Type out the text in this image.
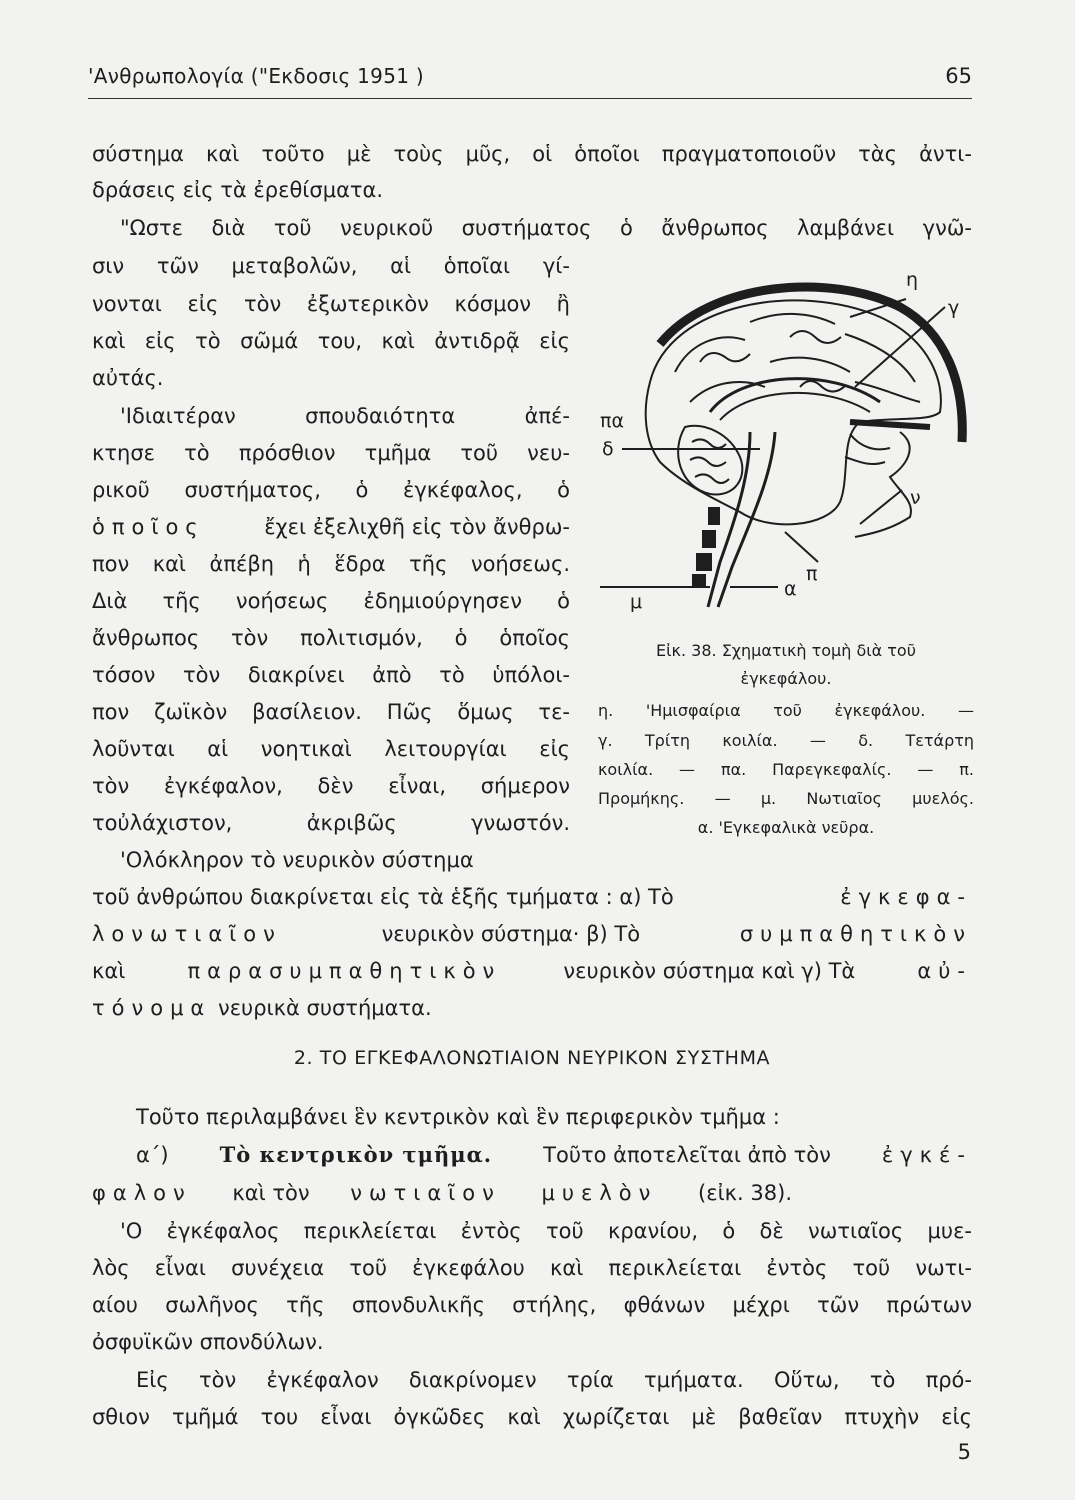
'Ανθρωπολογία ("Εκδοσις 1951 )	65
σύστημα καὶ τοῦτο μὲ τοὺς μῦς, οἱ ὁποῖοι πραγματοποιοῦν τὰς ἀντι-
δράσεις εἰς τὰ ἐρεθίσματα.
"Ωστε διὰ τοῦ νευρικοῦ συστήματος ὁ ἄνθρωπος λαμβάνει γνῶ-
σιν τῶν μεταβολῶν, αἱ ὁποῖαι γί-
νονται εἰς τὸν ἐξωτερικὸν κόσμον ἢ
καὶ εἰς τὸ σῶμά του, καὶ ἀντιδρᾷ εἰς
αὐτάς.
'Ιδιαιτέραν σπουδαιότητα ἀπέ-
κτησε τὸ πρόσθιον τμῆμα τοῦ νευ-
ρικοῦ συστήματος, ὁ ἐγκέφαλος, ὁ
ὁποῖος	ἔχει ἐξελιχθῆ εἰς τὸν ἄνθρω-
πον καὶ ἀπέβη ἡ ἕδρα τῆς νοήσεως.
Διὰ τῆς νοήσεως ἐδημιούργησεν ὁ
ἄνθρωπος τὸν πολιτισμόν, ὁ ὁποῖος
τόσον τὸν διακρίνει ἀπὸ τὸ ὑπόλοι-
πον ζωϊκὸν βασίλειον. Πῶς ὅμως τε-
λοῦνται αἱ νοητικαὶ λειτουργίαι εἰς
τὸν ἐγκέφαλον, δὲν εἶναι, σήμερον
τοὐλάχιστον, ἀκριβῶς γνωστόν.
'Ολόκληρον τὸ νευρικὸν σύστημα
τοῦ ἀνθρώπου διακρίνεται εἰς τὰ ἑξῆς τμήματα : α) Τὸ	ἐγκεφα-
λονωτιαῖον	νευρικὸν σύστημα· β) Τὸ	συμπαθητικὸν
καὶ	παρασυμπαθητικὸν	νευρικὸν σύστημα καὶ γ) Τὰ	αὐ-
τόνομα νευρικὰ συστήματα.
η
γ
πα
δ
ν
π
μ
α
Εἰκ. 38. Σχηματικὴ τομὴ διὰ τοῦ
ἐγκεφάλου.
η. 'Ημισφαίρια τοῦ ἐγκεφάλου. —
γ. Τρίτη κοιλία. — δ. Τετάρτη
κοιλία. — πα. Παρεγκεφαλίς. — π.
Προμήκης. — μ. Νωτιαῖος μυελός.
α. 'Εγκεφαλικὰ νεῦρα.
2. ΤΟ ΕΓΚΕΦΑΛΟΝΩΤΙΑΙΟΝ ΝΕΥΡΙΚΟΝ ΣΥΣΤΗΜΑ
Τοῦτο περιλαμβάνει ἓν κεντρικὸν καὶ ἓν περιφερικὸν τμῆμα :
α΄) Τὸ κεντρικὸν τμῆμα. Τοῦτο ἀποτελεῖται ἀπὸ τὸν ἐγκέ-
φαλον καὶ τὸν νωτιαῖον μυελὸν (εἰκ. 38).
'Ο ἐγκέφαλος περικλείεται ἐντὸς τοῦ κρανίου, ὁ δὲ νωτιαῖος μυε-
λὸς εἶναι συνέχεια τοῦ ἐγκεφάλου καὶ περικλείεται ἐντὸς τοῦ νωτι-
αίου σωλῆνος τῆς σπονδυλικῆς στήλης, φθάνων μέχρι τῶν πρώτων
ὀσφυϊκῶν σπονδύλων.
Εἰς τὸν ἐγκέφαλον διακρίνομεν τρία τμήματα. Οὕτω, τὸ πρό-
σθιον τμῆμά του εἶναι ὀγκῶδες καὶ χωρίζεται μὲ βαθεῖαν πτυχὴν εἰς
5
